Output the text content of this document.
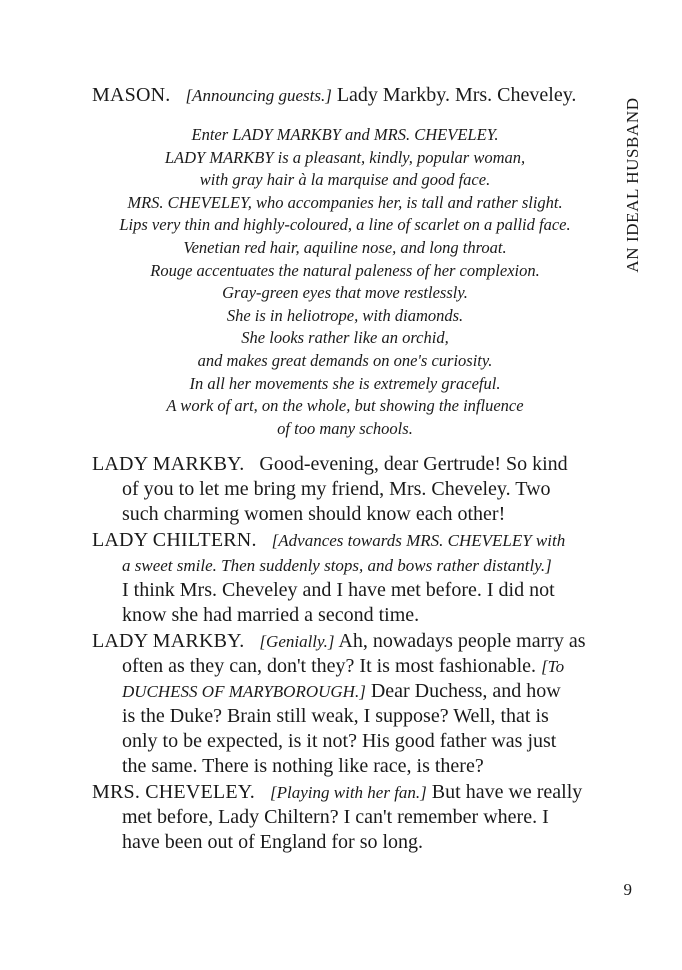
AN IDEAL HUSBAND
MASON. [Announcing guests.] Lady Markby. Mrs. Cheveley.
Enter LADY MARKBY and MRS. CHEVELEY.
LADY MARKBY is a pleasant, kindly, popular woman,
with gray hair à la marquise and good face.
MRS. CHEVELEY, who accompanies her, is tall and rather slight.
Lips very thin and highly-coloured, a line of scarlet on a pallid face.
Venetian red hair, aquiline nose, and long throat.
Rouge accentuates the natural paleness of her complexion.
Gray-green eyes that move restlessly.
She is in heliotrope, with diamonds.
She looks rather like an orchid,
and makes great demands on one's curiosity.
In all her movements she is extremely graceful.
A work of art, on the whole, but showing the influence
of too many schools.
LADY MARKBY. Good-evening, dear Gertrude! So kind
of you to let me bring my friend, Mrs. Cheveley. Two
such charming women should know each other!
LADY CHILTERN. [Advances towards MRS. CHEVELEY with
a sweet smile. Then suddenly stops, and bows rather distantly.]
I think Mrs. Cheveley and I have met before. I did not
know she had married a second time.
LADY MARKBY. [Genially.] Ah, nowadays people marry as
often as they can, don't they? It is most fashionable. [To
DUCHESS OF MARYBOROUGH.] Dear Duchess, and how
is the Duke? Brain still weak, I suppose? Well, that is
only to be expected, is it not? His good father was just
the same. There is nothing like race, is there?
MRS. CHEVELEY. [Playing with her fan.] But have we really
met before, Lady Chiltern? I can't remember where. I
have been out of England for so long.
9
